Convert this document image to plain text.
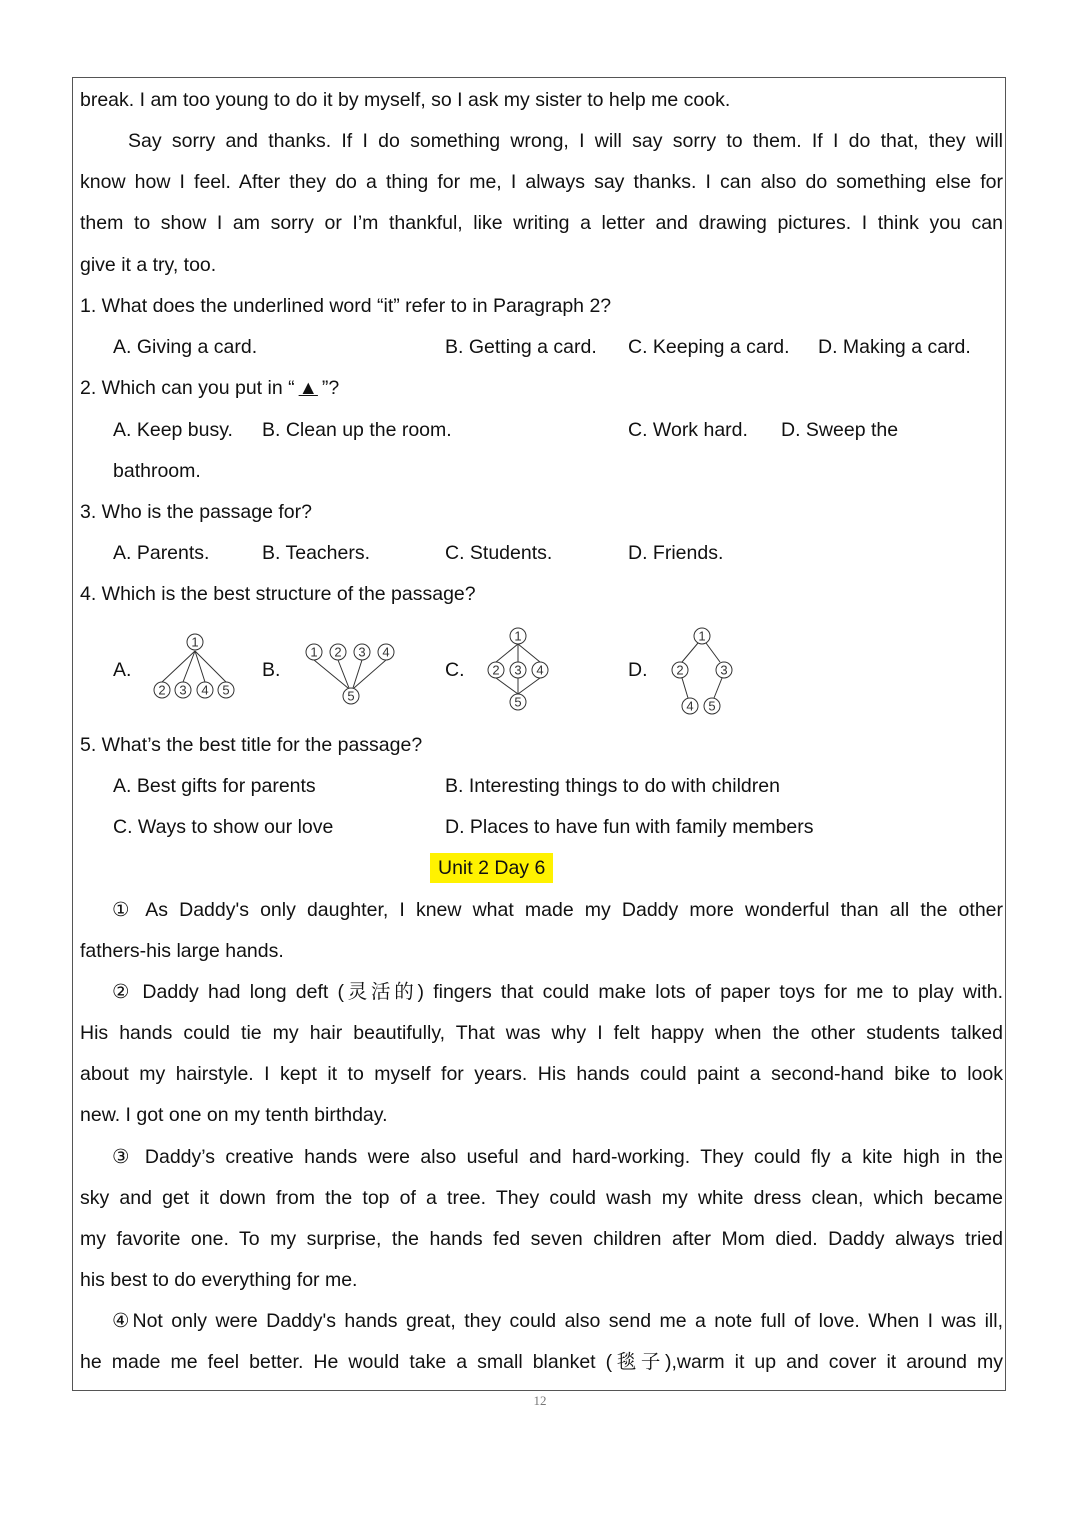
break. I am too young to do it by myself, so I ask my sister to help me cook.
Say sorry and thanks. If I do something wrong, I will say sorry to them. If I do that, they will
know how I feel. After they do a thing for me, I always say thanks. I can also do something else for
them to show I am sorry or I’m thankful, like writing a letter and drawing pictures. I think you can
give it a try, too.
1. What does the underlined word “it” refer to in Paragraph 2?
A. Giving a card.	B. Getting a card. C. Keeping a card. D. Making a card.
2. Which can you put in “ ▲ ”?
A. Keep busy. B. Clean up the room.	C. Work hard. D. Sweep the
bathroom.
3. Who is the passage for?
A. Parents.	B. Teachers.	C. Students.	D. Friends.
4. Which is the best structure of the passage?
A.	B.	C.	D.
1
2 3 4 5
1 2 3 4
5
1
2 3 4
5
1
2	3
4 5
5. What’s the best title for the passage?
A. Best gifts for parents	B. Interesting things to do with children
C. Ways to show our love	D. Places to have fun with family members
Unit 2 Day 6
① As Daddy's only daughter, I knew what made my Daddy more wonderful than all the other
fathers-his large hands.
② Daddy had long deft (灵活的) fingers that could make lots of paper toys for me to play with.
His hands could tie my hair beautifully, That was why I felt happy when the other students talked
about my hairstyle. I kept it to myself for years. His hands could paint a second-hand bike to look
new. I got one on my tenth birthday.
③ Daddy’s creative hands were also useful and hard-working. They could fly a kite high in the
sky and get it down from the top of a tree. They could wash my white dress clean, which became
my favorite one. To my surprise, the hands fed seven children after Mom died. Daddy always tried
his best to do everything for me.
④Not only were Daddy's hands great, they could also send me a note full of love. When I was ill,
he made me feel better. He would take a small blanket (毯子),warm it up and cover it around my
12
